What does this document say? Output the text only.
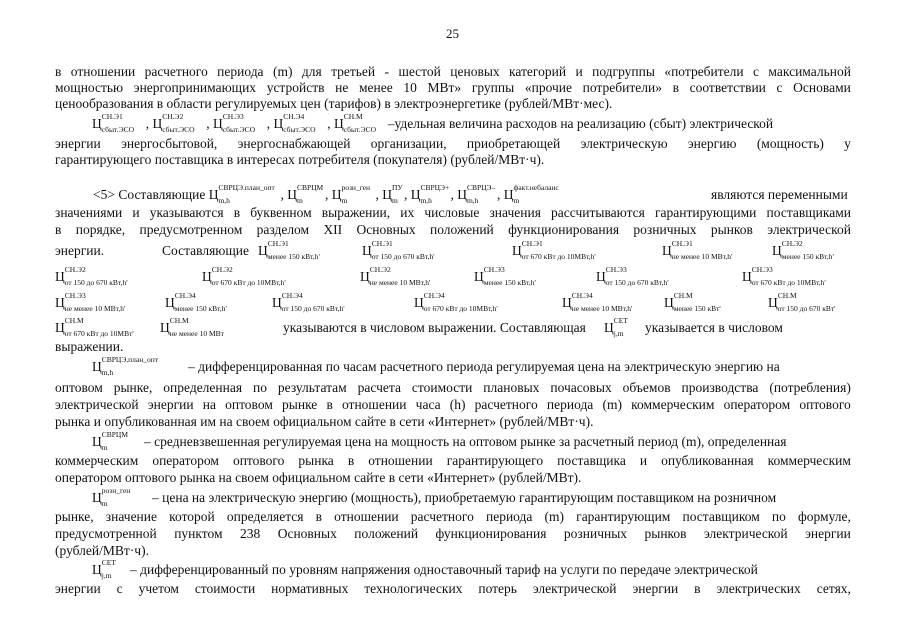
25
в отношении расчетного периода (m) для третьей - шестой ценовых категорий и подгруппы «потребители с максимальной
мощностью энергопринимающих устройств не менее 10 МВт» группы «прочие потребители» в соответствии с Основами
ценообразования в области регулируемых цен (тарифов) в электроэнергетике (рублей/МВт·мес).
Ц СН.Э1
сбыт.ЭСО , Ц СН.Э2
сбыт.ЭСО , Ц СН.Э3
сбыт.ЭСО , Ц СН.Э4
сбыт.ЭСО , Ц СН.М
сбыт.ЭСО –удельная величина расходов на реализацию (сбыт) электрической
энергии энергосбытовой, энергоснабжающей организации, приобретающей электрическую энергию (мощность) у
гарантирующего поставщика в интересах потребителя (покупателя) (рублей/МВт·ч).
<5> Составляющие Ц СВРЦЭ.план_опт
m,h	, Ц СВРЦМ
m , Ц розн_ген
m , Ц ПУ
m , Ц СВРЦЭ+
m,h , Ц СВРЦЭ–
m,h , Ц факт.небаланс
m	являются переменными
значениями и указываются в буквенном выражении, их числовые значения рассчитываются гарантирующими поставщиками
в порядке, предусмотренном разделом XII Основных положений функционирования розничных рынков электрической
энергии.	Составляющие Ц СН.Э1
менее 150 кВт,h'	Ц СН.Э1
от 150 до 670 кВт,h'	Ц СН.Э1
от 670 кВт до 10МВт,h'	Ц СН.Э1
не менее 10 МВт,h'	Ц СН.Э2
менее 150 кВт,h'
Ц СН.Э2
от 150 до 670 кВт,h'	Ц СН.Э2
от 670 кВт до 10МВт,h'	Ц СН.Э2
не менее 10 МВт,h'	Ц СН.Э3
менее 150 кВт,h'	Ц СН.Э3
от 150 до 670 кВт,h'	Ц СН.Э3
от 670 кВт до 10МВт,h'
Ц СН.Э3
не менее 10 МВт,h'	Ц СН.Э4
менее 150 кВт,h'	Ц СН.Э4
от 150 до 670 кВт,h'	Ц СН.Э4
от 670 кВт до 10МВт,h'	Ц СН.Э4
не менее 10 МВт,h' Ц СН.М
менее 150 кВт'	Ц СН.М
от 150 до 670 кВт'
Ц СН.М
от 670 кВт до 10МВт' Ц СН.М
не менее 10 МВт	указываются в числовом выражении. Составляющая Ц СЕТ
j,m указывается в числовом
выражении.
Ц СВРЦЭ,план_опт
m,h	– дифференцированная по часам расчетного периода регулируемая цена на электрическую энергию на
оптовом рынке, определенная по результатам расчета стоимости плановых почасовых объемов производства (потребления)
электрической энергии на оптовом рынке в отношении часа (h) расчетного периода (m) коммерческим оператором оптового
рынка и опубликованная им на своем официальном сайте в сети «Интернет» (рублей/МВт·ч).
Ц СВРЦМ
m	– средневзвешенная регулируемая цена на мощность на оптовом рынке за расчетный период (m), определенная
коммерческим оператором оптового рынка в отношении гарантирующего поставщика и опубликованная коммерческим
оператором оптового рынка на своем официальном сайте в сети «Интернет» (рублей/МВт).
Ц розн_ген
m	– цена на электрическую энергию (мощность), приобретаемую гарантирующим поставщиком на розничном
рынке, значение которой определяется в отношении расчетного периода (m) гарантирующим поставщиком по формуле,
предусмотренной пунктом 238 Основных положений функционирования розничных рынков электрической энергии
(рублей/МВт·ч).
Ц СЕТ
j,m – дифференцированный по уровням напряжения одноставочный тариф на услуги по передаче электрической
энергии с учетом стоимости нормативных технологических потерь электрической энергии в электрических сетях,
